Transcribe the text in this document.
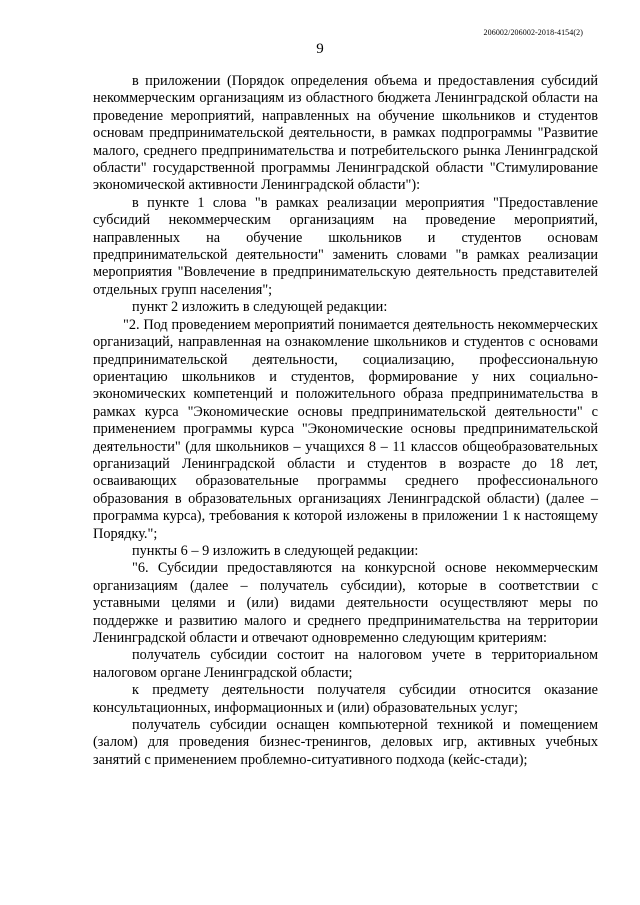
206002/206002-2018-4154(2)
9

в приложении (Порядок определения объема и предоставления субсидий некоммерческим организациям из областного бюджета Ленинградской области на проведение мероприятий, направленных на обучение школьников и студентов основам предпринимательской деятельности, в рамках подпрограммы "Развитие малого, среднего предпринимательства и потребительского рынка Ленинградской области" государственной программы Ленинградской области "Стимулирование экономической активности Ленинградской области"):

в пункте 1 слова "в рамках реализации мероприятия "Предоставление субсидий некоммерческим организациям на проведение мероприятий, направленных на обучение школьников и студентов основам предпринимательской деятельности" заменить словами "в рамках реализации мероприятия "Вовлечение в предпринимательскую деятельность представителей отдельных групп населения";

пункт 2 изложить в следующей редакции:

"2. Под проведением мероприятий понимается деятельность некоммерческих организаций, направленная на ознакомление школьников и студентов с основами предпринимательской деятельности, социализацию, профессиональную ориентацию школьников и студентов, формирование у них социально-экономических компетенций и положительного образа предпринимательства в рамках курса "Экономические основы предпринимательской деятельности" с применением программы курса "Экономические основы предпринимательской деятельности" (для школьников – учащихся 8 – 11 классов общеобразовательных организаций Ленинградской области и студентов в возрасте до 18 лет, осваивающих образовательные программы среднего профессионального образования в образовательных организациях Ленинградской области) (далее – программа курса), требования к которой изложены в приложении 1 к настоящему Порядку.";

пункты 6 – 9 изложить в следующей редакции:

"6. Субсидии предоставляются на конкурсной основе некоммерческим организациям (далее – получатель субсидии), которые в соответствии с уставными целями и (или) видами деятельности осуществляют меры по поддержке и развитию малого и среднего предпринимательства на территории Ленинградской области и отвечают одновременно следующим критериям:

получатель субсидии состоит на налоговом учете в территориальном налоговом органе Ленинградской области;

к предмету деятельности получателя субсидии относится оказание консультационных, информационных и (или) образовательных услуг;

получатель субсидии оснащен компьютерной техникой и помещением (залом) для проведения бизнес-тренингов, деловых игр, активных учебных занятий с применением проблемно-ситуативного подхода (кейс-стади);
